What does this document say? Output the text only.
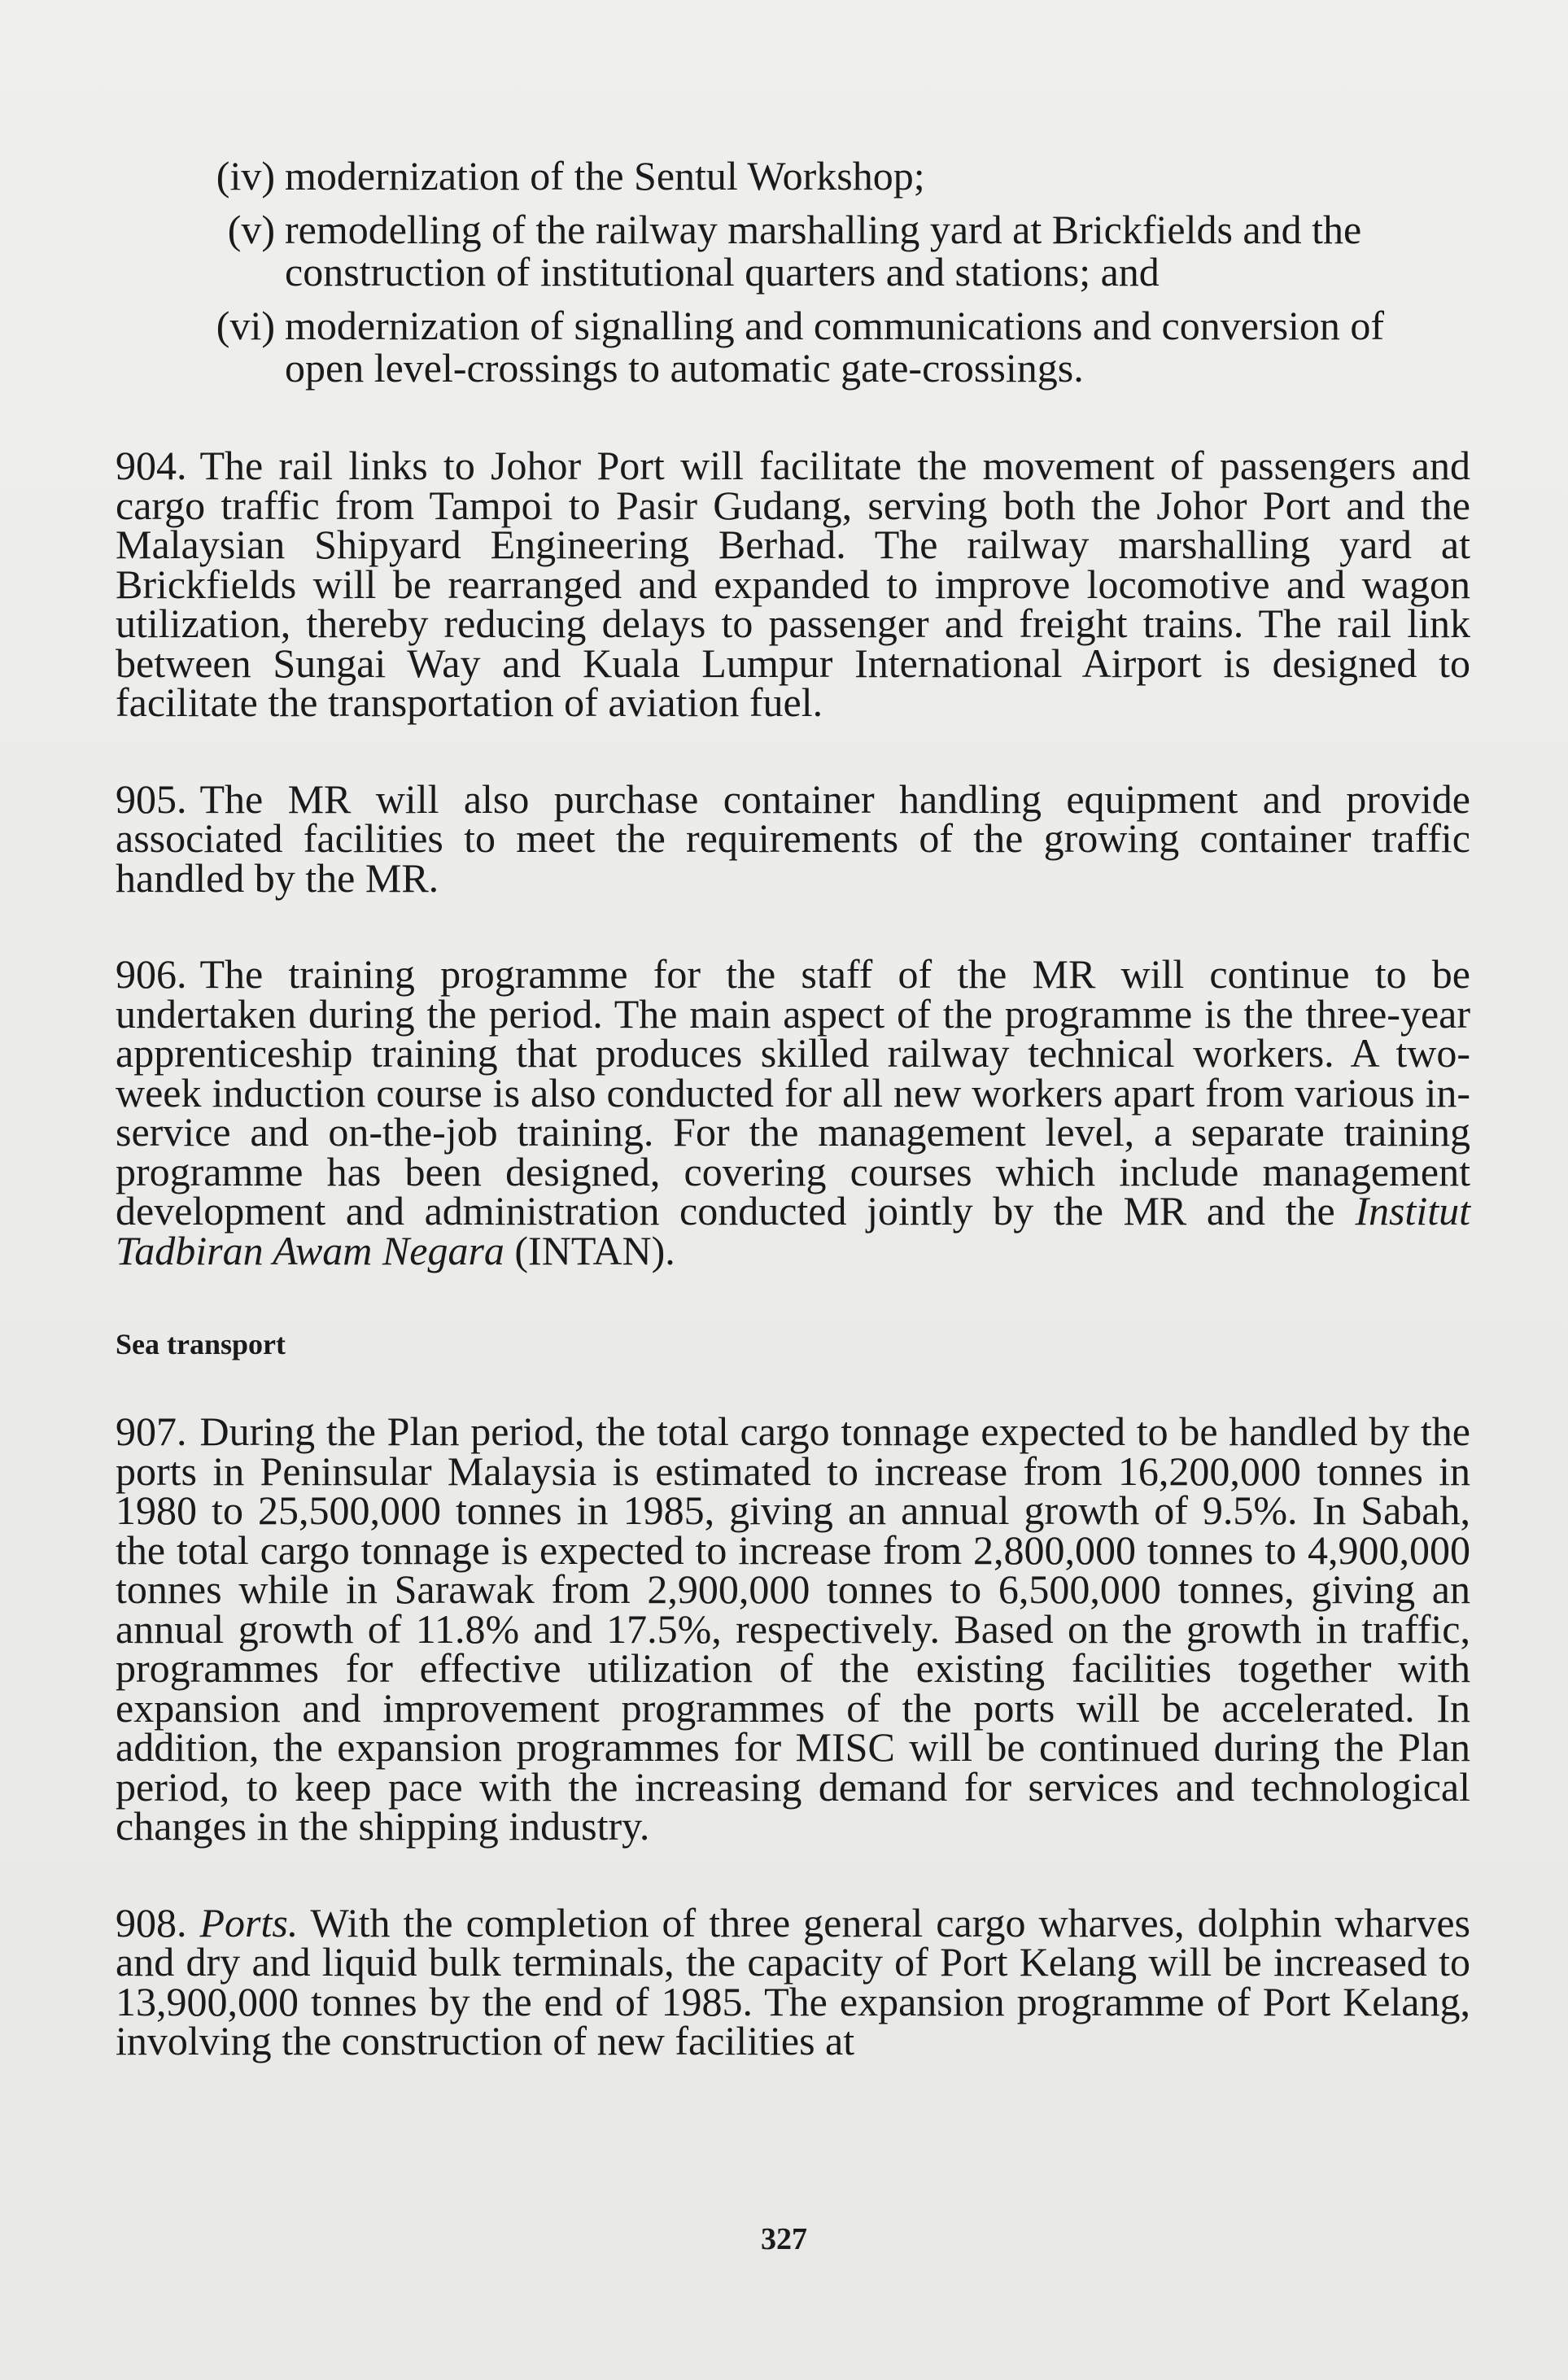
(iv) modernization of the Sentul Workshop;
(v) remodelling of the railway marshalling yard at Brickfields and the construction of institutional quarters and stations; and
(vi) modernization of signalling and communications and conversion of open level-crossings to automatic gate-crossings.

904. The rail links to Johor Port will facilitate the movement of passengers and cargo traffic from Tampoi to Pasir Gudang, serving both the Johor Port and the Malaysian Shipyard Engineering Berhad. The railway marshalling yard at Brickfields will be rearranged and expanded to improve locomotive and wagon utilization, thereby reducing delays to passenger and freight trains. The rail link between Sungai Way and Kuala Lumpur International Airport is designed to facilitate the transportation of aviation fuel.

905. The MR will also purchase container handling equipment and provide associated facilities to meet the requirements of the growing container traffic handled by the MR.

906. The training programme for the staff of the MR will continue to be undertaken during the period. The main aspect of the programme is the three-year apprenticeship training that produces skilled railway technical workers. A two-week induction course is also conducted for all new workers apart from various in-service and on-the-job training. For the management level, a separate training programme has been designed, covering courses which include management development and administration conducted jointly by the MR and the Institut Tadbiran Awam Negara (INTAN).

Sea transport

907. During the Plan period, the total cargo tonnage expected to be handled by the ports in Peninsular Malaysia is estimated to increase from 16,200,000 tonnes in 1980 to 25,500,000 tonnes in 1985, giving an annual growth of 9.5%. In Sabah, the total cargo tonnage is expected to increase from 2,800,000 tonnes to 4,900,000 tonnes while in Sarawak from 2,900,000 tonnes to 6,500,000 tonnes, giving an annual growth of 11.8% and 17.5%, respectively. Based on the growth in traffic, programmes for effective utilization of the existing facilities together with expansion and improvement programmes of the ports will be accelerated. In addition, the expansion programmes for MISC will be continued during the Plan period, to keep pace with the increasing demand for services and technological changes in the shipping industry.

908. Ports. With the completion of three general cargo wharves, dolphin wharves and dry and liquid bulk terminals, the capacity of Port Kelang will be increased to 13,900,000 tonnes by the end of 1985. The expansion programme of Port Kelang, involving the construction of new facilities at

327
